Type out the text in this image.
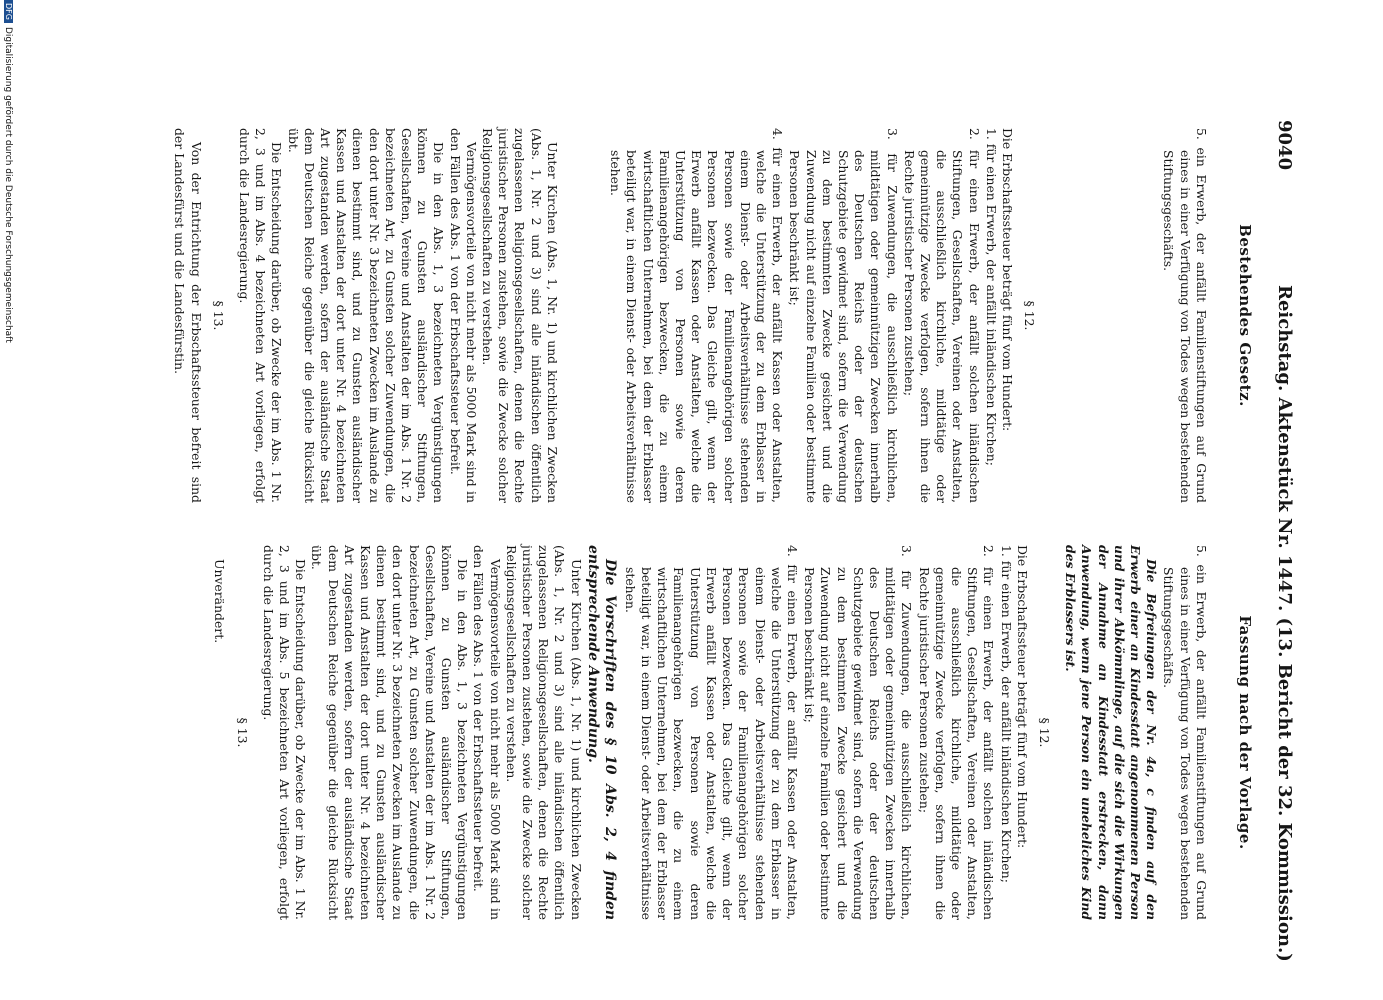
9040
Reichstag. Aktenstück Nr. 1447. (13. Bericht der 32. Kommission.)
Bestehendes Gesetz.

5. ein Erwerb, der anfällt Familienstiftungen auf Grund eines in einer Verfügung von Todes wegen bestehenden Stiftungsgeschäfts.

§ 12.

Die Erbschaftssteuer beträgt fünf vom Hundert:

1. für einen Erwerb, der anfällt inländischen Kirchen;

2. für einen Erwerb, der anfällt solchen inländischen Stiftungen, Gesellschaften, Vereinen oder Anstalten, die ausschließlich kirchliche, mildtätige oder gemeinnützige Zwecke verfolgen, sofern ihnen die Rechte juristischer Personen zustehen;

3. für Zuwendungen, die ausschließlich kirchlichen, mildtätigen oder gemeinnützigen Zwecken innerhalb des Deutschen Reichs oder der deutschen Schutzgebiete gewidmet sind, sofern die Verwendung zu dem bestimmten Zwecke gesichert und die Zuwendung nicht auf einzelne Familien oder bestimmte Personen beschränkt ist;

4. für einen Erwerb, der anfällt Kassen oder Anstalten, welche die Unterstützung der zu dem Erblasser in einem Dienst- oder Arbeitsverhältnisse stehenden Personen sowie der Familienangehörigen solcher Personen bezwecken. Das Gleiche gilt, wenn der Erwerb anfällt Kassen oder Anstalten, welche die Unterstützung von Personen sowie deren Familienangehörigen bezwecken, die zu einem wirtschaftlichen Unternehmen, bei dem der Erblasser beteiligt war, in einem Dienst- oder Arbeitsverhältnisse stehen.

Unter Kirchen (Abs. 1, Nr. 1) und kirchlichen Zwecken (Abs. 1, Nr. 2 und 3) sind alle inländischen öffentlich zugelassenen Religionsgesellschaften, denen die Rechte juristischer Personen zustehen, sowie die Zwecke solcher Religionsgesellschaften zu verstehen.

Vermögensvorteile von nicht mehr als 5000 Mark sind in den Fällen des Abs. 1 von der Erbschaftssteuer befreit.

Die in den Abs. 1, 3 bezeichneten Vergünstigungen können zu Gunsten ausländischer Stiftungen, Gesellschaften, Vereine und Anstalten der im Abs. 1 Nr. 2 bezeichneten Art, zu Gunsten solcher Zuwendungen, die den dort unter Nr. 3 bezeichneten Zwecken im Auslande zu dienen bestimmt sind, und zu Gunsten ausländischer Kassen und Anstalten der dort unter Nr. 4 bezeichneten Art zugestanden werden, sofern der ausländische Staat dem Deutschen Reiche gegenüber die gleiche Rücksicht übt.

Die Entscheidung darüber, ob Zwecke der im Abs. 1 Nr. 2, 3 und im Abs. 4 bezeichneten Art vorliegen, erfolgt durch die Landesregierung.

§ 13.

Von der Entrichtung der Erbschaftssteuer befreit sind der Landesfürst und die Landesfürstin.

Fassung nach der Vorlage.

5. ein Erwerb, der anfällt Familienstiftungen auf Grund eines in einer Verfügung von Todes wegen bestehenden Stiftungsgeschäfts.

Die Befreiungen der Nr. 4a, c finden auf den Erwerb einer an Kindesstatt angenommenen Person und ihrer Abkömmlinge, auf die sich die Wirkungen der Annahme an Kindesstatt erstrecken, dann Anwendung, wenn jene Person ein uneheliches Kind des Erblassers ist.

§ 12.

Die Erbschaftssteuer beträgt fünf vom Hundert:

1. für einen Erwerb, der anfällt inländischen Kirchen;

2. für einen Erwerb, der anfällt solchen inländischen Stiftungen, Gesellschaften, Vereinen oder Anstalten, die ausschließlich kirchliche, mildtätige oder gemeinnützige Zwecke verfolgen, sofern ihnen die Rechte juristischer Personen zustehen;

3. für Zuwendungen, die ausschließlich kirchlichen, mildtätigen oder gemeinnützigen Zwecken innerhalb des Deutschen Reichs oder der deutschen Schutzgebiete gewidmet sind, sofern die Verwendung zu dem bestimmten Zwecke gesichert und die Zuwendung nicht auf einzelne Familien oder bestimmte Personen beschränkt ist;

4. für einen Erwerb, der anfällt Kassen oder Anstalten, welche die Unterstützung der zu dem Erblasser in einem Dienst- oder Arbeitsverhältnisse stehenden Personen sowie der Familienangehörigen solcher Personen bezwecken. Das Gleiche gilt, wenn der Erwerb anfällt Kassen oder Anstalten, welche die Unterstützung von Personen sowie deren Familienangehörigen bezwecken, die zu einem wirtschaftlichen Unternehmen, bei dem der Erblasser beteiligt war, in einem Dienst- oder Arbeitsverhältnisse stehen.

Die Vorschriften des § 10 Abs. 2, 4 finden entsprechende Anwendung.

Unter Kirchen (Abs. 1, Nr. 1) und kirchlichen Zwecken (Abs. 1, Nr. 2 und 3) sind alle inländischen öffentlich zugelassenen Religionsgesellschaften, denen die Rechte juristischer Personen zustehen, sowie die Zwecke solcher Religionsgesellschaften zu verstehen.

Vermögensvorteile von nicht mehr als 5000 Mark sind in den Fällen des Abs. 1 von der Erbschaftssteuer befreit.

Die in den Abs. 1, 3 bezeichneten Vergünstigungen können zu Gunsten ausländischer Stiftungen, Gesellschaften, Vereine und Anstalten der im Abs. 1 Nr. 2 bezeichneten Art, zu Gunsten solcher Zuwendungen, die den dort unter Nr. 3 bezeichneten Zwecken im Auslande zu dienen bestimmt sind, und zu Gunsten ausländischer Kassen und Anstalten der dort unter Nr. 4 bezeichneten Art zugestanden werden, sofern der ausländische Staat dem Deutschen Reiche gegenüber die gleiche Rücksicht übt.

Die Entscheidung darüber, ob Zwecke der im Abs. 1 Nr. 2, 3 und im Abs. 5 bezeichneten Art vorliegen, erfolgt durch die Landesregierung.

§ 13.

Unverändert.

DFGDigitalisierung gefördert durch die Deutsche Forschungsgemeinschaft
